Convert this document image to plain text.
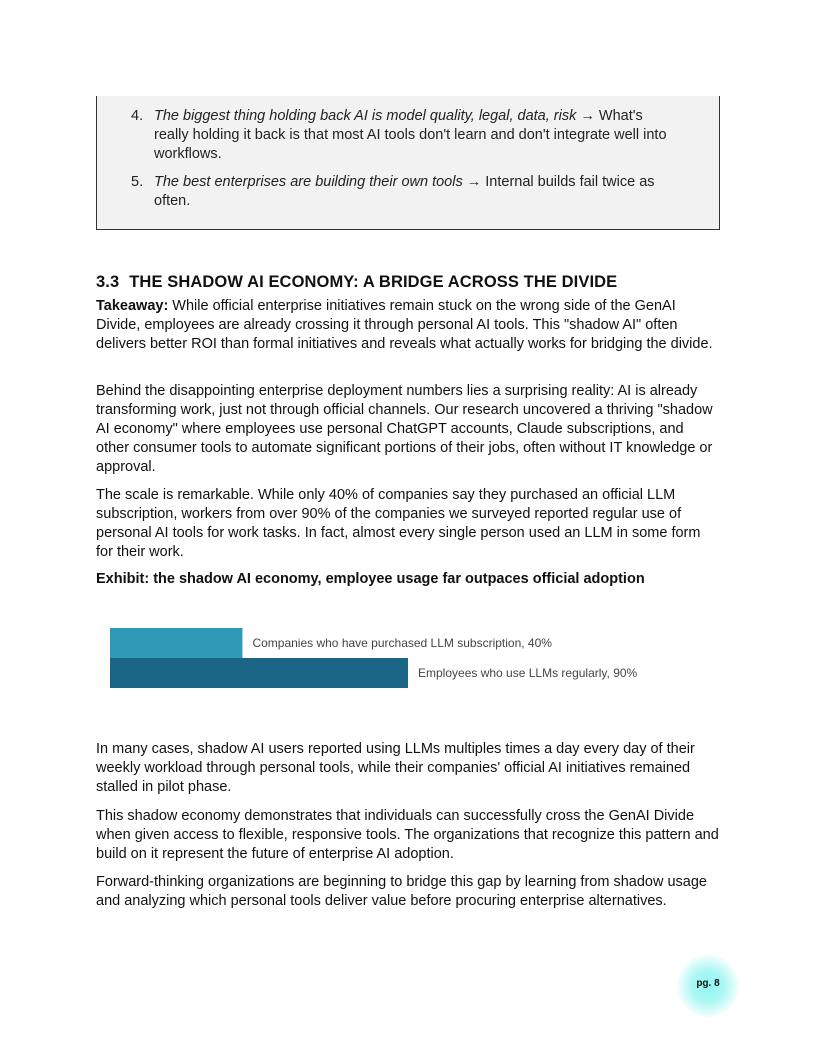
4. The biggest thing holding back AI is model quality, legal, data, risk → What's really holding it back is that most AI tools don't learn and don't integrate well into workflows.
5. The best enterprises are building their own tools → Internal builds fail twice as often.
3.3 THE SHADOW AI ECONOMY: A BRIDGE ACROSS THE DIVIDE
Takeaway: While official enterprise initiatives remain stuck on the wrong side of the GenAI Divide, employees are already crossing it through personal AI tools. This "shadow AI" often delivers better ROI than formal initiatives and reveals what actually works for bridging the divide.
Behind the disappointing enterprise deployment numbers lies a surprising reality: AI is already transforming work, just not through official channels. Our research uncovered a thriving "shadow AI economy" where employees use personal ChatGPT accounts, Claude subscriptions, and other consumer tools to automate significant portions of their jobs, often without IT knowledge or approval.
The scale is remarkable. While only 40% of companies say they purchased an official LLM subscription, workers from over 90% of the companies we surveyed reported regular use of personal AI tools for work tasks. In fact, almost every single person used an LLM in some form for their work.
Exhibit: the shadow AI economy, employee usage far outpaces official adoption
Companies who have purchased LLM subscription, 40%
Employees who use LLMs regularly, 90%
In many cases, shadow AI users reported using LLMs multiples times a day every day of their weekly workload through personal tools, while their companies' official AI initiatives remained stalled in pilot phase.
This shadow economy demonstrates that individuals can successfully cross the GenAI Divide when given access to flexible, responsive tools. The organizations that recognize this pattern and build on it represent the future of enterprise AI adoption.
Forward-thinking organizations are beginning to bridge this gap by learning from shadow usage and analyzing which personal tools deliver value before procuring enterprise alternatives.
pg. 8
